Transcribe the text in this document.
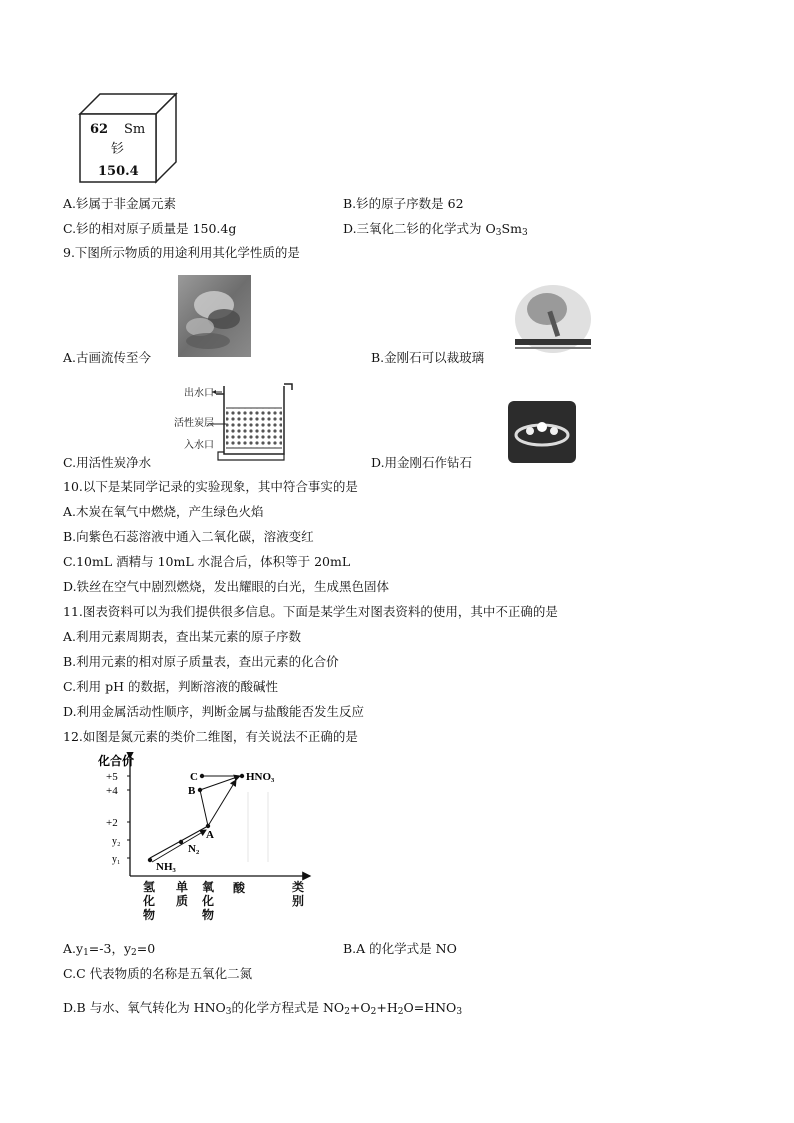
62 Sm
钐
150.4
A.钐属于非金属元素	B.钐的原子序数是 62
C.钐的相对原子质量是 150.4g	D.三氧化二钐的化学式为 $O_3Sm_3$
9.下图所示物质的用途利用其化学性质的是
A.古画流传至今	B.金刚石可以裁玻璃
出水口
活性炭层
入水口
C.用活性炭净水	D.用金刚石作钻石
10.以下是某同学记录的实验现象，其中符合事实的是
A.木炭在氧气中燃烧，产生绿色火焰
B.向紫色石蕊溶液中通入二氧化碳，溶液变红
C.10mL 酒精与 10mL 水混合后，体积等于 20mL
D.铁丝在空气中剧烈燃烧，发出耀眼的白光，生成黑色固体
11.图表资料可以为我们提供很多信息。下面是某学生对图表资料的使用，其中不正确的是
A.利用元素周期表，查出某元素的原子序数
B.利用元素的相对原子质量表，查出元素的化合价
C.利用 pH 的数据，判断溶液的酸碱性
D.利用金属活动性顺序，判断金属与盐酸能否发生反应
12.如图是氮元素的类价二维图，有关说法不正确的是
化合价
+5
+4
+2
y₂
y₁
C	HNO₃
B
A
N₂
NH₃
氢化物
单质
氧化物
酸	类别
$A.y_1=-3$，$y_2=0$	B.A 的化学式是 NO
C.C 代表物质的名称是五氧化二氮
D.B 与水、氧气转化为 $HNO_3$的化学方程式是 $NO_2+O_2+H_2O=HNO_3$
